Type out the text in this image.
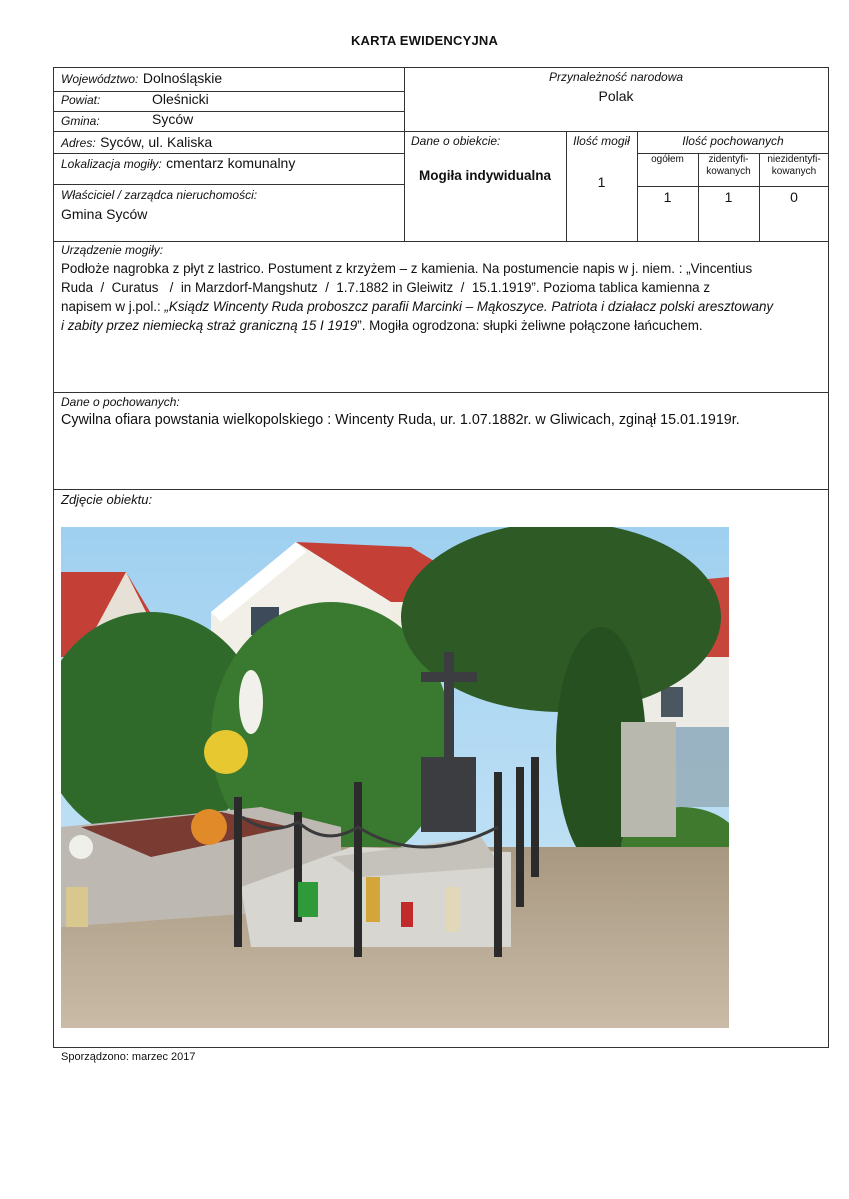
KARTA EWIDENCYJNA
Województwo: Dolnośląskie
Powiat:	Oleśnicki
Gmina:	Syców
Przynależność narodowa
Polak
Adres: Syców, ul. Kaliska
Lokalizacja mogiły: cmentarz komunalny
Właściciel / zarządca nieruchomości:
Gmina Syców
Dane o obiekcie:
Mogiła indywidualna
Ilość mogił
1
Ilość pochowanych
ogółem	zidentyfi-
kowanych
niezidentyfi-
kowanych
1	1	0
Urządzenie mogiły:
Podłoże nagrobka z płyt z lastrico. Postument z krzyżem – z kamienia. Na postumencie napis w j. niem. : „Vincentius
Ruda  /  Curatus   /  in Marzdorf-Mangshutz  /  1.7.1882 in Gleiwitz  /  15.1.1919”. Pozioma tablica kamienna z
napisem w j.pol.: „Ksiądz Wincenty Ruda proboszcz parafii Marcinki – Mąkoszyce. Patriota i działacz polski aresztowany
i zabity przez niemiecką straż graniczną 15 I 1919”. Mogiła ogrodzona: słupki żeliwne połączone łańcuchem.
Dane o pochowanych:
Cywilna ofiara powstania wielkopolskiego : Wincenty Ruda, ur. 1.07.1882r. w Gliwicach, zginął 15.01.1919r.
Zdjęcie obiektu:
Sporządzono: marzec 2017
